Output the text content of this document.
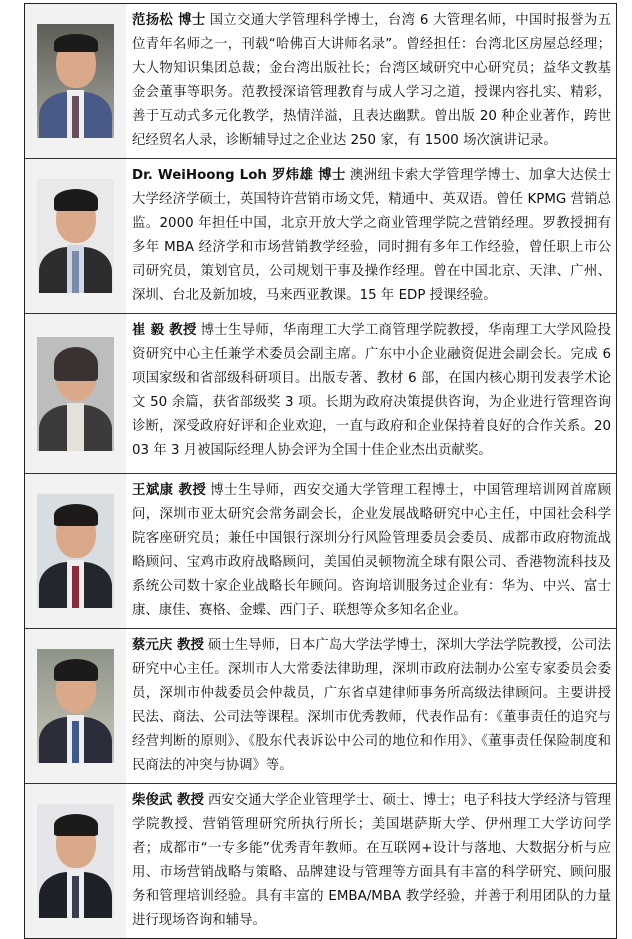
范扬松 博士 国立交通大学管理科学博士，台湾 6 大管理名师，中国时报誉为五位青年名师之一，刊载“哈佛百大讲师名录”。曾经担任：台湾北区房屋总经理；大人物知识集团总裁；金台湾出版社长；台湾区域研究中心研究员；益华文教基金会董事等职务。范教授深谙管理教育与成人学习之道，授课内容扎实、精彩，善于互动式多元化教学，热情洋溢，且表达幽默。曾出版 20 种企业著作，跨世纪经贸名人录，诊断辅导过之企业达 250 家，有 1500 场次演讲记录。
Dr. WeiHoong Loh 罗炜雄 博士 澳洲纽卡索大学管理学博士、加拿大达侯士大学经济学硕士，英国特许营销市场文凭，精通中、英双语。曾任 KPMG 营销总监。2000 年担任中国，北京开放大学之商业管理学院之营销经理。罗教授拥有多年 MBA 经济学和市场营销教学经验，同时拥有多年工作经验，曾任职上市公司研究员，策划官员，公司规划干事及操作经理。曾在中国北京、天津、广州、深圳、台北及新加坡，马来西亚教课。15 年 EDP 授课经验。
崔 毅 教授 博士生导师，华南理工大学工商管理学院教授，华南理工大学风险投资研究中心主任兼学术委员会副主席。广东中小企业融资促进会副会长。完成 6 项国家级和省部级科研项目。出版专著、教材 6 部，在国内核心期刊发表学术论文 50 余篇，获省部级奖 3 项。长期为政府决策提供咨询，为企业进行管理咨询诊断，深受政府好评和企业欢迎，一直与政府和企业保持着良好的合作关系。2003 年 3 月被国际经理人协会评为全国十佳企业杰出贡献奖。
王斌康 教授 博士生导师，西安交通大学管理工程博士，中国管理培训网首席顾问，深圳市亚太研究会常务副会长，企业发展战略研究中心主任，中国社会科学院客座研究员；兼任中国银行深圳分行风险管理委员会委员、成都市政府物流战略顾问、宝鸡市政府战略顾问，美国伯灵顿物流全球有限公司、香港物流科技及系统公司数十家企业战略长年顾问。咨询培训服务过企业有：华为、中兴、富士康、康佳、赛格、金蝶、西门子、联想等众多知名企业。
蔡元庆 教授 硕士生导师，日本广岛大学法学博士，深圳大学法学院教授，公司法研究中心主任。深圳市人大常委法律助理，深圳市政府法制办公室专家委员会委员，深圳市仲裁委员会仲裁员，广东省卓建律师事务所高级法律顾问。主要讲授民法、商法、公司法等课程。深圳市优秀教师，代表作品有：《董事责任的追究与经营判断的原则》、《股东代表诉讼中公司的地位和作用》、《董事责任保险制度和民商法的冲突与协调》等。
柴俊武 教授 西安交通大学企业管理学士、硕士、博士；电子科技大学经济与管理学院教授、营销管理研究所执行所长；美国堪萨斯大学、伊州理工大学访问学者；成都市“一专多能”优秀青年教师。在互联网+设计与落地、大数据分析与应用、市场营销战略与策略、品牌建设与管理等方面具有丰富的科学研究、顾问服务和管理培训经验。具有丰富的 EMBA/MBA 教学经验，并善于利用团队的力量进行现场咨询和辅导。
